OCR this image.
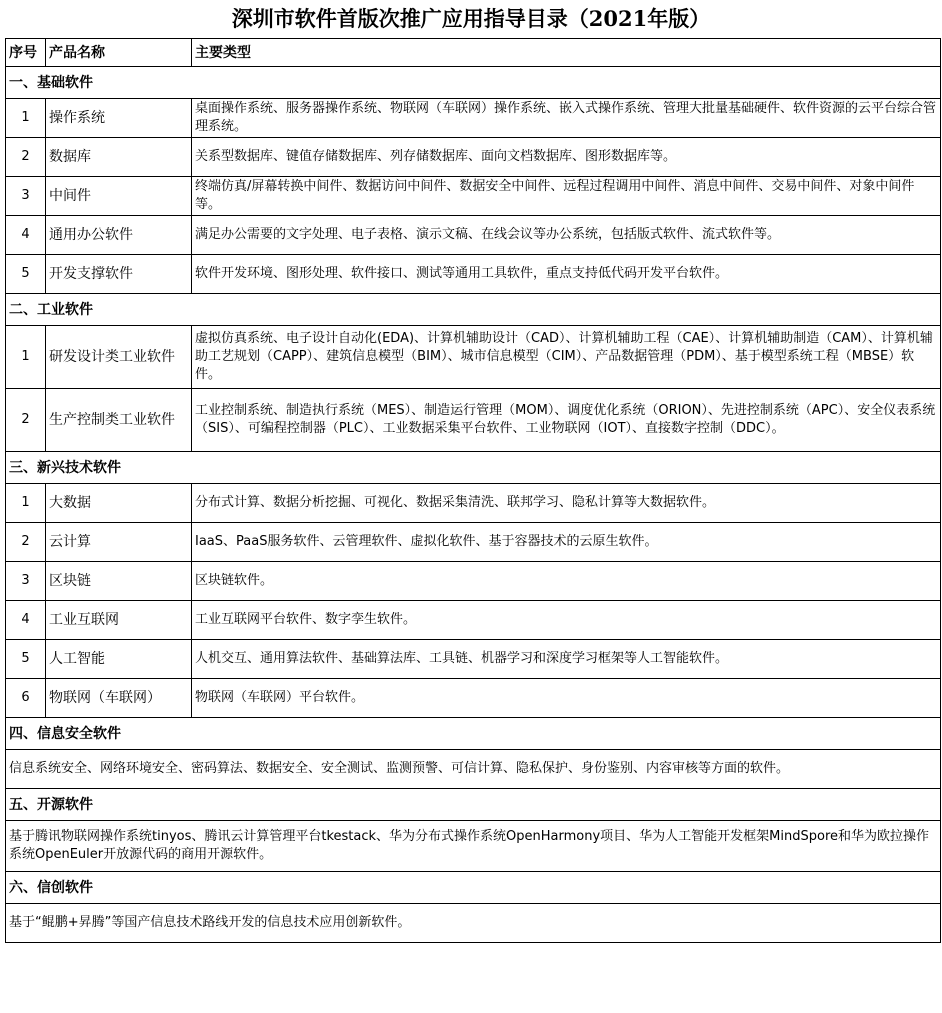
深圳市软件首版次推广应用指导目录（2021年版）
序号	产品名称	主要类型
一、基础软件		
1	操作系统	桌面操作系统、服务器操作系统、物联网（车联网）操作系统、嵌入式操作系统、管理大批量基础硬件、软件资源的云平台综合管理系统。
2	数据库	关系型数据库、键值存储数据库、列存储数据库、面向文档数据库、图形数据库等。
3	中间件	终端仿真/屏幕转换中间件、数据访问中间件、数据安全中间件、远程过程调用中间件、消息中间件、交易中间件、对象中间件等。
4	通用办公软件	满足办公需要的文字处理、电子表格、演示文稿、在线会议等办公系统，包括版式软件、流式软件等。
5	开发支撑软件	软件开发环境、图形处理、软件接口、测试等通用工具软件，重点支持低代码开发平台软件。
二、工业软件		
1	研发设计类工业软件	虚拟仿真系统、电子设计自动化(EDA)、计算机辅助设计（CAD）、计算机辅助工程（CAE）、计算机辅助制造（CAM）、计算机辅助工艺规划（CAPP）、建筑信息模型（BIM）、城市信息模型（CIM）、产品数据管理（PDM）、基于模型系统工程（MBSE）软件。
2	生产控制类工业软件	工业控制系统、制造执行系统（MES）、制造运行管理（MOM）、调度优化系统（ORION）、先进控制系统（APC）、安全仪表系统（SIS）、可编程控制器（PLC）、工业数据采集平台软件、工业物联网（IOT）、直接数字控制（DDC）。
三、新兴技术软件		
1	大数据	分布式计算、数据分析挖掘、可视化、数据采集清洗、联邦学习、隐私计算等大数据软件。
2	云计算	IaaS、PaaS服务软件、云管理软件、虚拟化软件、基于容器技术的云原生软件。
3	区块链	区块链软件。
4	工业互联网	工业互联网平台软件、数字孪生软件。
5	人工智能	人机交互、通用算法软件、基础算法库、工具链、机器学习和深度学习框架等人工智能软件。
6	物联网（车联网）	物联网（车联网）平台软件。
四、信息安全软件		
信息系统安全、网络环境安全、密码算法、数据安全、安全测试、监测预警、可信计算、隐私保护、身份鉴别、内容审核等方面的软件。		
五、开源软件		
基于腾讯物联网操作系统tinyos、腾讯云计算管理平台tkestack、华为分布式操作系统OpenHarmony项目、华为人工智能开发框架MindSpore和华为欧拉操作系统OpenEuler开放源代码的商用开源软件。		
六、信创软件		
基于“鲲鹏+昇腾”等国产信息技术路线开发的信息技术应用创新软件。		
